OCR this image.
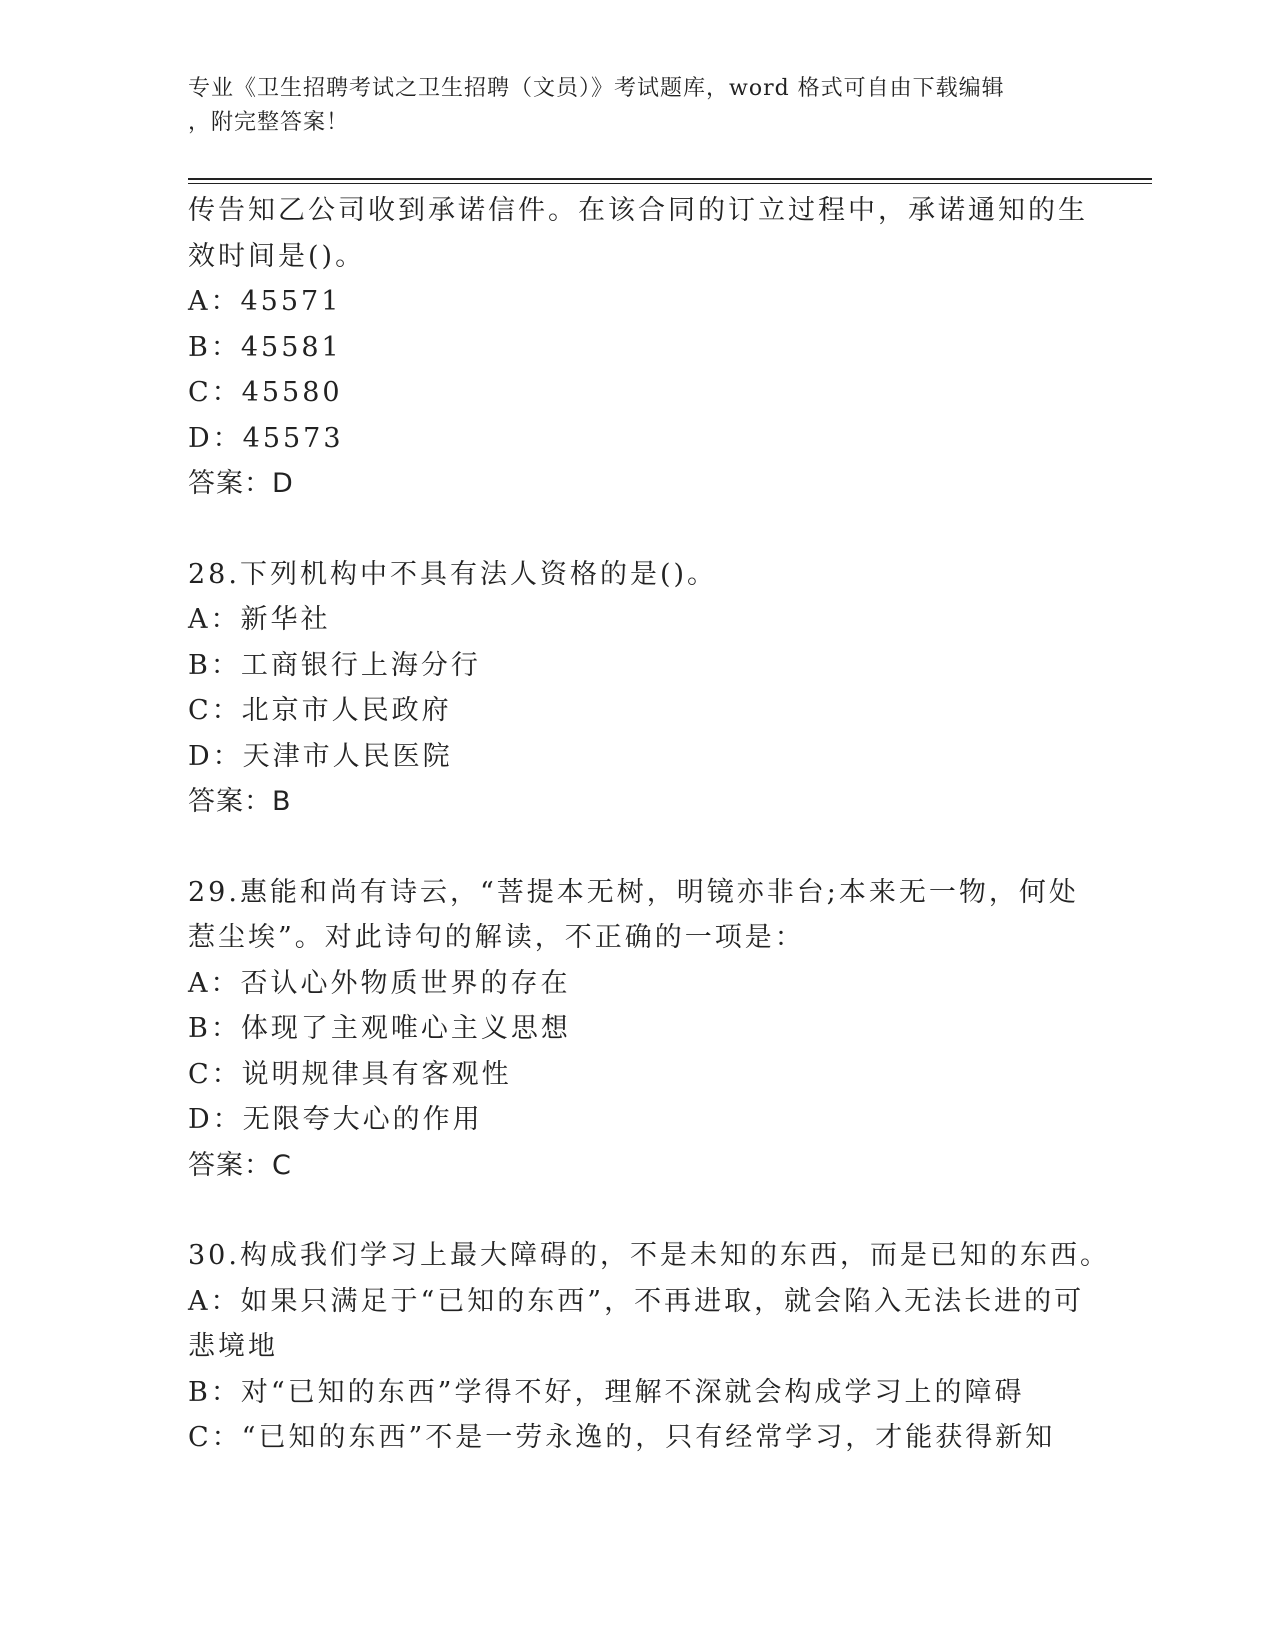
专业《卫生招聘考试之卫生招聘（文员）》考试题库，word 格式可自由下载编辑
，附完整答案！
传告知乙公司收到承诺信件。在该合同的订立过程中，承诺通知的生
效时间是()。
A：45571
B：45581
C：45580
D：45573
答案：D
28.下列机构中不具有法人资格的是()。
A：新华社
B：工商银行上海分行
C：北京市人民政府
D：天津市人民医院
答案：B
29.惠能和尚有诗云，“菩提本无树，明镜亦非台;本来无一物，何处
惹尘埃”。对此诗句的解读，不正确的一项是：
A：否认心外物质世界的存在
B：体现了主观唯心主义思想
C：说明规律具有客观性
D：无限夸大心的作用
答案：C
30.构成我们学习上最大障碍的，不是未知的东西，而是已知的东西。
A：如果只满足于“已知的东西”，不再进取，就会陷入无法长进的可
悲境地
B：对“已知的东西”学得不好，理解不深就会构成学习上的障碍
C：“已知的东西”不是一劳永逸的，只有经常学习，才能获得新知
